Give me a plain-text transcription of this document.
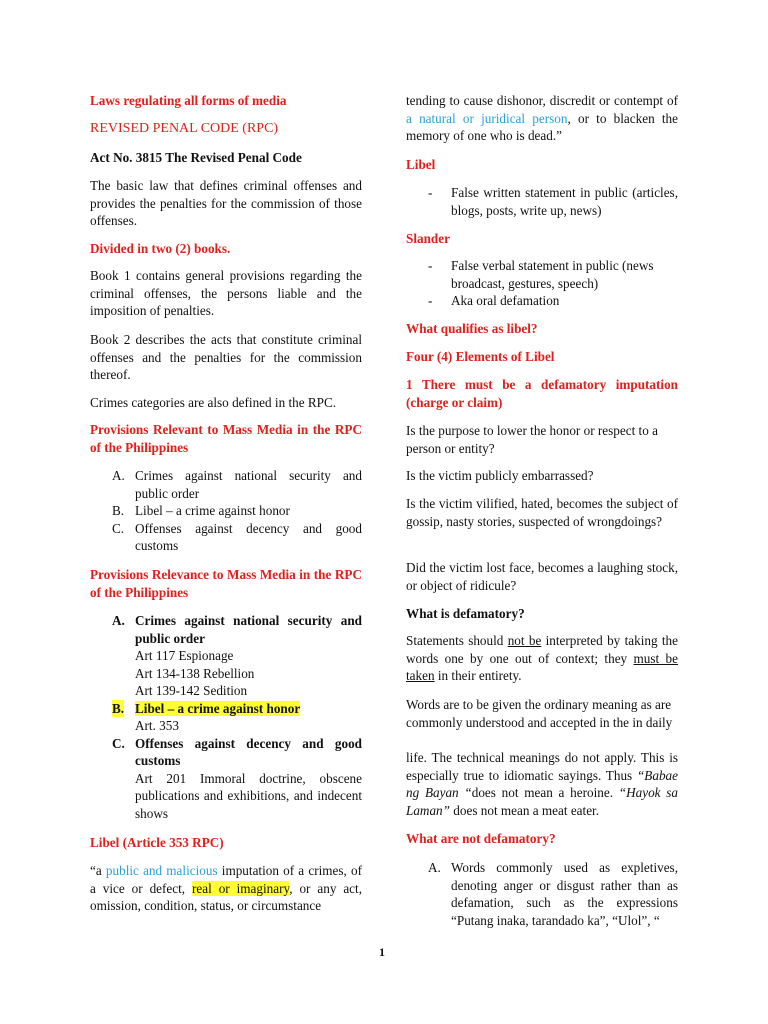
Laws regulating all forms of media

REVISED PENAL CODE (RPC)

Act No. 3815 The Revised Penal Code

The basic law that defines criminal offenses and provides the penalties for the commission of those offenses.

Divided in two (2) books.

Book 1 contains general provisions regarding the criminal offenses, the persons liable and the imposition of penalties.

Book 2 describes the acts that constitute criminal offenses and the penalties for the commission thereof.

Crimes categories are also defined in the RPC.

Provisions Relevant to Mass Media in the RPC of the Philippines

A. Crimes against national security and public order
B. Libel – a crime against honor
C. Offenses against decency and good customs

Provisions Relevance to Mass Media in the RPC of the Philippines

A. Crimes against national security and public order
Art 117 Espionage
Art 134-138 Rebellion
Art 139-142 Sedition
B. Libel – a crime against honor
Art. 353
C. Offenses against decency and good customs
Art 201 Immoral doctrine, obscene publications and exhibitions, and indecent shows

Libel (Article 353 RPC)

“a public and malicious imputation of a crimes, of a vice or defect, real or imaginary, or any act, omission, condition, status, or circumstance

tending to cause dishonor, discredit or contempt of a natural or juridical person, or to blacken the memory of one who is dead.”

Libel

- False written statement in public (articles, blogs, posts, write up, news)

Slander

- False verbal statement in public (news broadcast, gestures, speech)
- Aka oral defamation

What qualifies as libel?

Four (4) Elements of Libel

1 There must be a defamatory imputation (charge or claim)

Is the purpose to lower the honor or respect to a person or entity?

Is the victim publicly embarrassed?

Is the victim vilified, hated, becomes the subject of gossip, nasty stories, suspected of wrongdoings?

Did the victim lost face, becomes a laughing stock, or object of ridicule?

What is defamatory?

Statements should not be interpreted by taking the words one by one out of context; they must be taken in their entirety.

Words are to be given the ordinary meaning as are commonly understood and accepted in the in daily

life. The technical meanings do not apply. This is especially true to idiomatic sayings. Thus “Babae ng Bayan “does not mean a heroine. “Hayok sa Laman” does not mean a meat eater.

What are not defamatory?

A. Words commonly used as expletives, denoting anger or disgust rather than as defamation, such as the expressions “Putang inaka, tarandado ka”, “Ulol”, “
1
